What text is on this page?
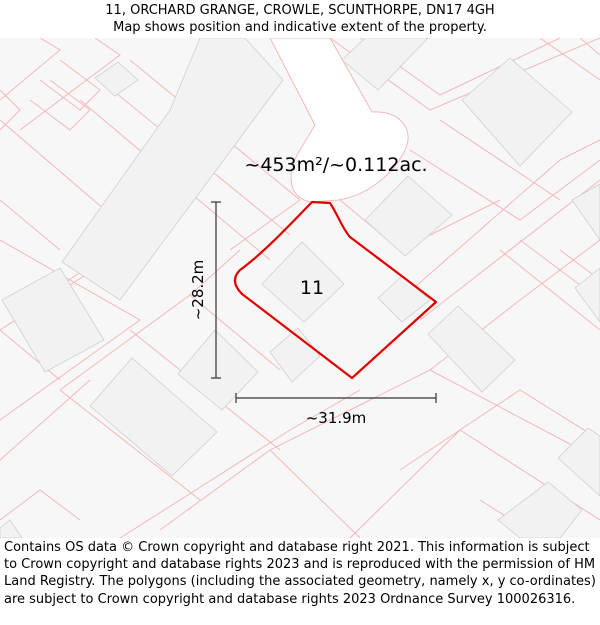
11, ORCHARD GRANGE, CROWLE, SCUNTHORPE, DN17 4GH
Map shows position and indicative extent of the property.
~453m²/~0.112ac.
11
~28.2m
~31.9m
Contains OS data © Crown copyright and database right 2021. This information is subject to Crown copyright and database rights 2023 and is reproduced with the permission of HM Land Registry. The polygons (including the associated geometry, namely x, y co-ordinates) are subject to Crown copyright and database rights 2023 Ordnance Survey 100026316.
